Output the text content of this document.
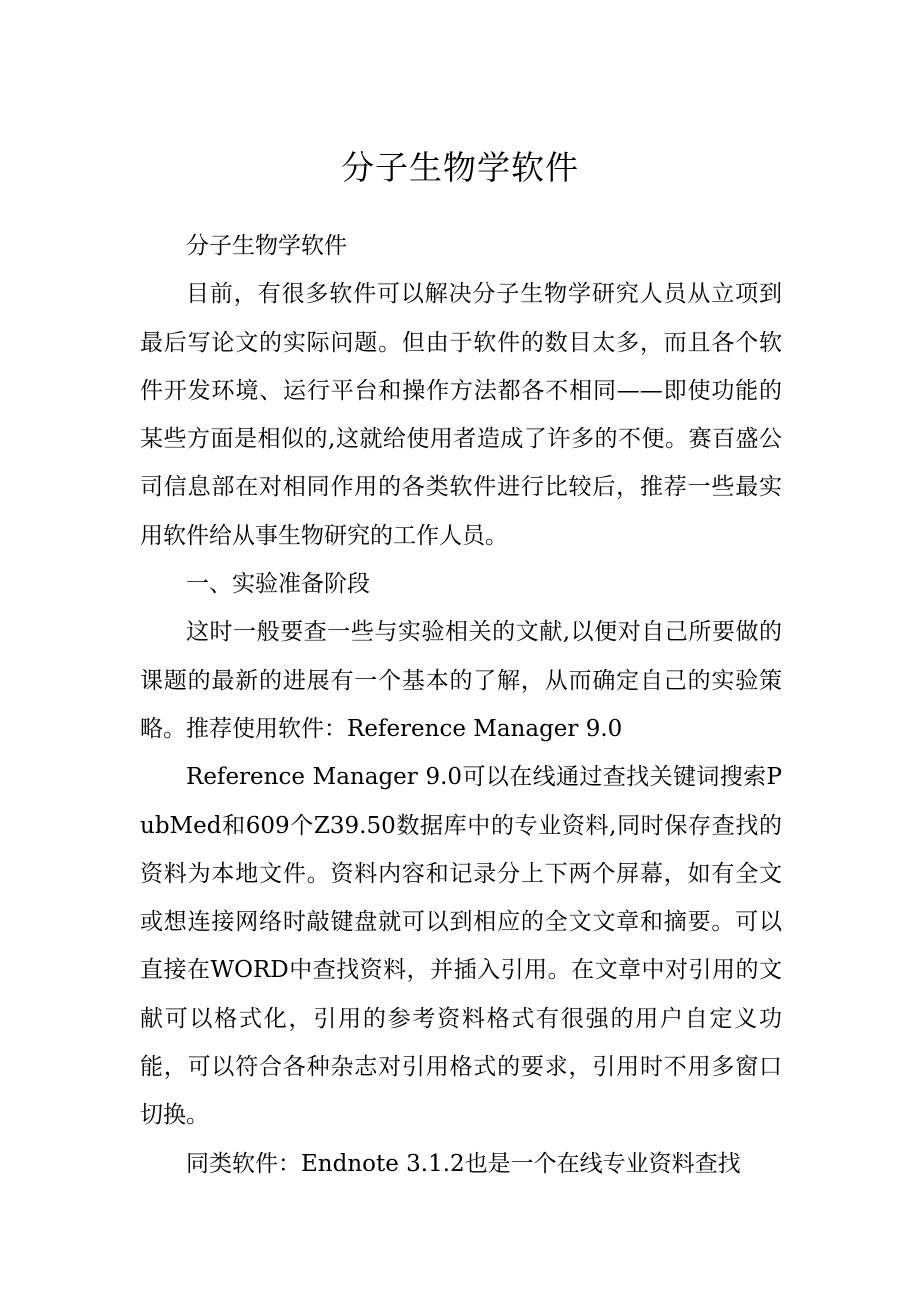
分子生物学软件

分子生物学软件

目前，有很多软件可以解决分子生物学研究人员从立项到最后写论文的实际问题。但由于软件的数目太多，而且各个软件开发环境、运行平台和操作方法都各不相同——即使功能的某些方面是相似的,这就给使用者造成了许多的不便。赛百盛公司信息部在对相同作用的各类软件进行比较后，推荐一些最实用软件给从事生物研究的工作人员。

一、实验准备阶段

这时一般要查一些与实验相关的文献,以便对自己所要做的课题的最新的进展有一个基本的了解，从而确定自己的实验策略。推荐使用软件：Reference Manager 9.0

Reference Manager 9.0可以在线通过查找关键词搜索PubMed和609个Z39.50数据库中的专业资料,同时保存查找的资料为本地文件。资料内容和记录分上下两个屏幕，如有全文或想连接网络时敲键盘就可以到相应的全文文章和摘要。可以直接在WORD中查找资料，并插入引用。在文章中对引用的文献可以格式化，引用的参考资料格式有很强的用户自定义功能，可以符合各种杂志对引用格式的要求，引用时不用多窗口切换。

同类软件：Endnote 3.1.2也是一个在线专业资料查找
